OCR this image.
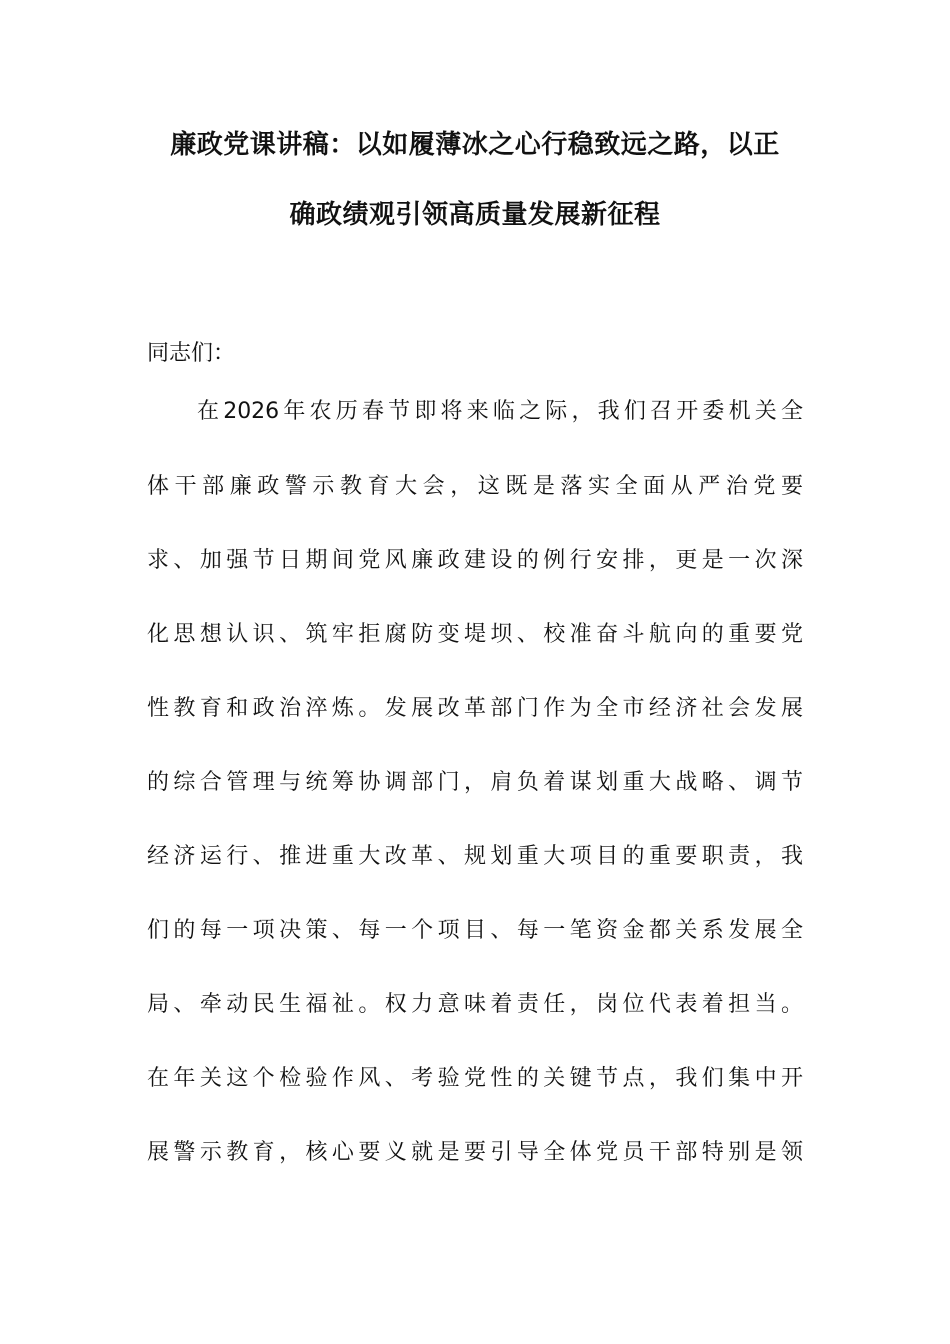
廉政党课讲稿：以如履薄冰之心行稳致远之路，以正
确政绩观引领高质量发展新征程
同志们：
在2026年农历春节即将来临之际，我们召开委机关全
体干部廉政警示教育大会，这既是落实全面从严治党要
求、加强节日期间党风廉政建设的例行安排，更是一次深
化思想认识、筑牢拒腐防变堤坝、校准奋斗航向的重要党
性教育和政治淬炼。发展改革部门作为全市经济社会发展
的综合管理与统筹协调部门，肩负着谋划重大战略、调节
经济运行、推进重大改革、规划重大项目的重要职责，我
们的每一项决策、每一个项目、每一笔资金都关系发展全
局、牵动民生福祉。权力意味着责任，岗位代表着担当。
在年关这个检验作风、考验党性的关键节点，我们集中开
展警示教育，核心要义就是要引导全体党员干部特别是领
